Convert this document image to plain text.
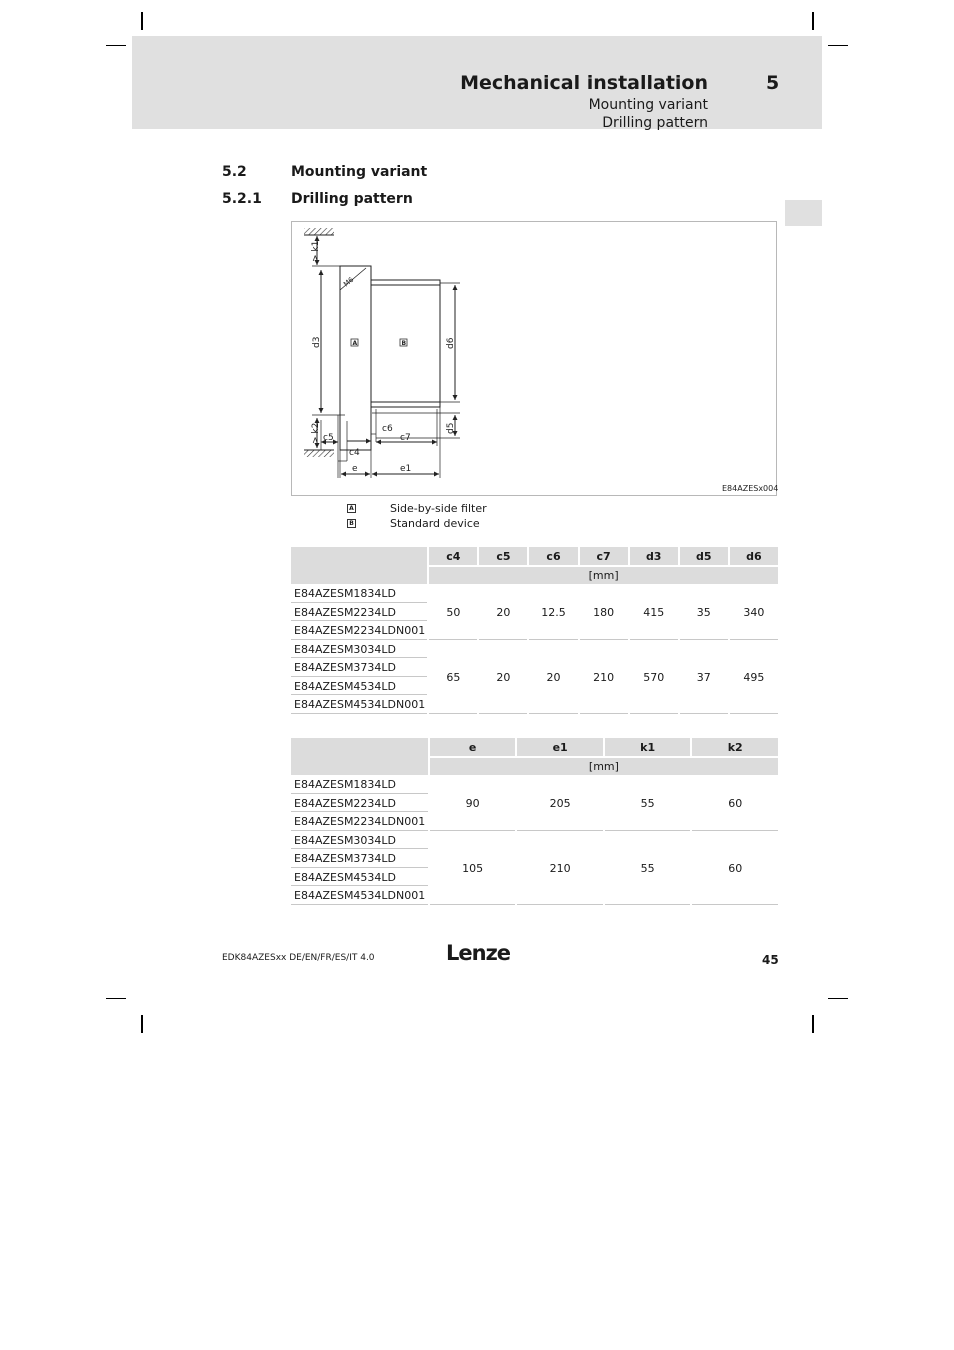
Mechanical installation	5
Mounting variant
Drilling pattern
5.2	Mounting variant
5.2.1 Drilling pattern
> k1
d3
> k2
d6
d5
M6
c5
c4
c6
c7
e	e1
A	B
E84AZESx004
A	Side-by-side filter
B	Standard device
	c4	c5	c6	c7	d3	d5	d6
	[mm]						
E84AZESM1834LD	50	20	12.5	180	415	35	340
E84AZESM2234LD							
E84AZESM2234LDN001							
E84AZESM3034LD	65	20	20	210	570	37	495
E84AZESM3734LD							
E84AZESM4534LD							
E84AZESM4534LDN001							
	e	e1	k1	k2
	[mm]			
E84AZESM1834LD	90	205	55	60
E84AZESM2234LD				
E84AZESM2234LDN001				
E84AZESM3034LD	105	210	55	60
E84AZESM3734LD				
E84AZESM4534LD				
E84AZESM4534LDN001				
EDK84AZESxx DE/EN/FR/ES/IT 4.0	Lenze	45
